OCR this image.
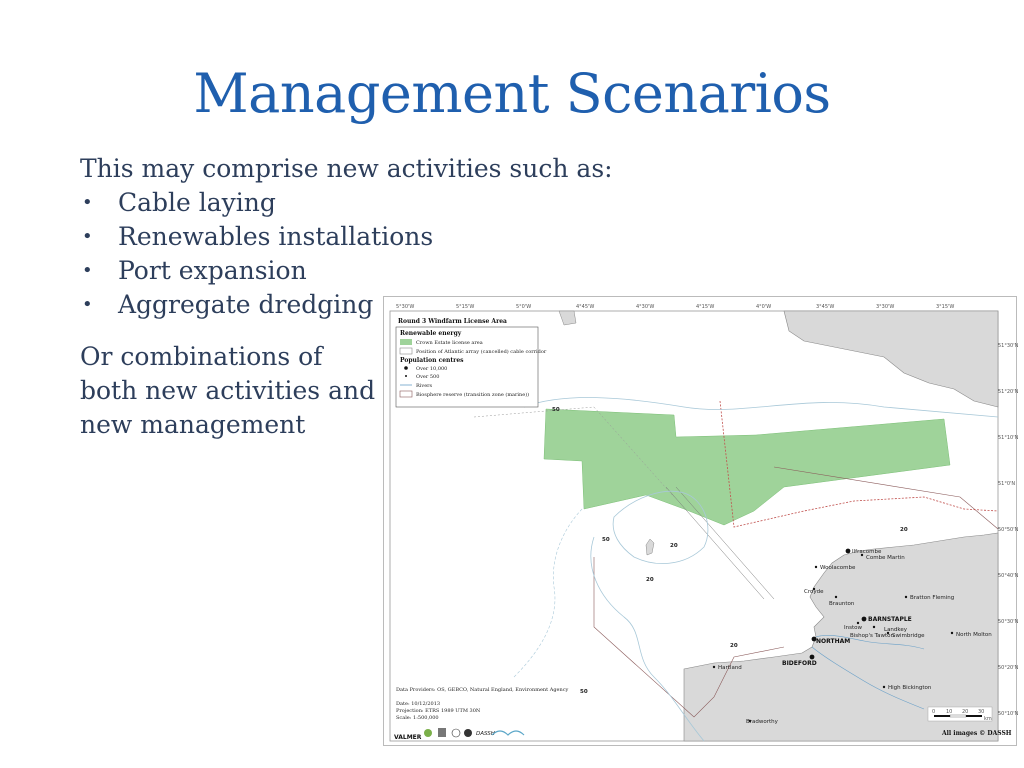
Management Scenarios
This may comprise new activities such as:
• Cable laying
• Renewables installations
• Port expansion
• Aggregate dredging
Or combinations of both new activities and new management
5°30'W	5°15'W	5°0'W	4°45'W	4°30'W	4°15'W	4°0'W	3°45'W	3°30'W	3°15'W
Ilfracombe
Combe Martin
Woolacombe
Croyde
Braunton
Bratton Fleming
BARNSTAPLE
Instow	Landkey
Bishop's Tawton
Swimbridge	North Molton
NORTHAM
BIDEFORD
Hartland
High Bickington
Bradworthy
50
20
50
20
20
20
50
51°30'N
51°20'N
51°10'N
51°0'N
50°50'N
50°40'N
50°30'N
50°20'N
50°10'N
Round 3 Windfarm License Area
Renewable energy
Crown Estate license area
Position of Atlantic array (cancelled) cable corridor
Population centres
Over 10,000
Over 500
Rivers
Biosphere reserve (transition zone (marine))
Data Providers: OS, GEBCO, Natural England, Environment Agency
Date: 10/12/2013
Projection: ETRS 1989 UTM 30N
Scale: 1:500,000
0 10 20 30
km
VALMER	DASSH	All images © DASSH
